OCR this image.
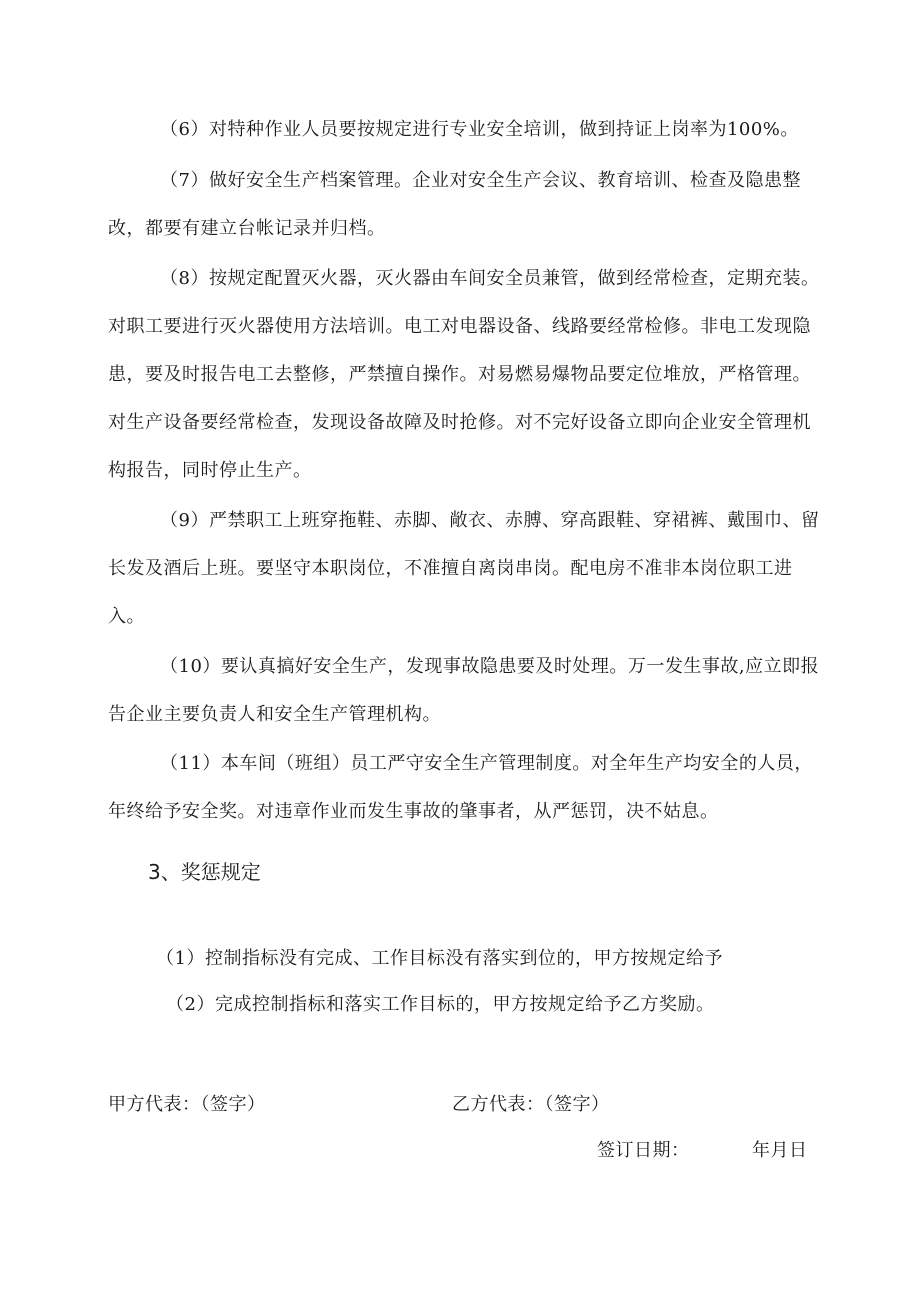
（6）对特种作业人员要按规定进行专业安全培训，做到持证上岗率为100%。

（7）做好安全生产档案管理。企业对安全生产会议、教育培训、检查及隐患整改，都要有建立台帐记录并归档。

（8）按规定配置灭火器，灭火器由车间安全员兼管，做到经常检查，定期充装。对职工要进行灭火器使用方法培训。电工对电器设备、线路要经常检修。非电工发现隐患，要及时报告电工去整修，严禁擅自操作。对易燃易爆物品要定位堆放，严格管理。对生产设备要经常检查，发现设备故障及时抢修。对不完好设备立即向企业安全管理机构报告，同时停止生产。

（9）严禁职工上班穿拖鞋、赤脚、敞衣、赤膊、穿高跟鞋、穿裙裤、戴围巾、留长发及酒后上班。要坚守本职岗位，不准擅自离岗串岗。配电房不准非本岗位职工进入。

（10）要认真搞好安全生产，发现事故隐患要及时处理。万一发生事故,应立即报告企业主要负责人和安全生产管理机构。

（11）本车间（班组）员工严守安全生产管理制度。对全年生产均安全的人员，年终给予安全奖。对违章作业而发生事故的肇事者，从严惩罚，决不姑息。

3、奖惩规定

（1）控制指标没有完成、工作目标没有落实到位的，甲方按规定给予

（2）完成控制指标和落实工作目标的，甲方按规定给予乙方奖励。

甲方代表：（签字）	乙方代表：（签字）

签订日期：	年月日
